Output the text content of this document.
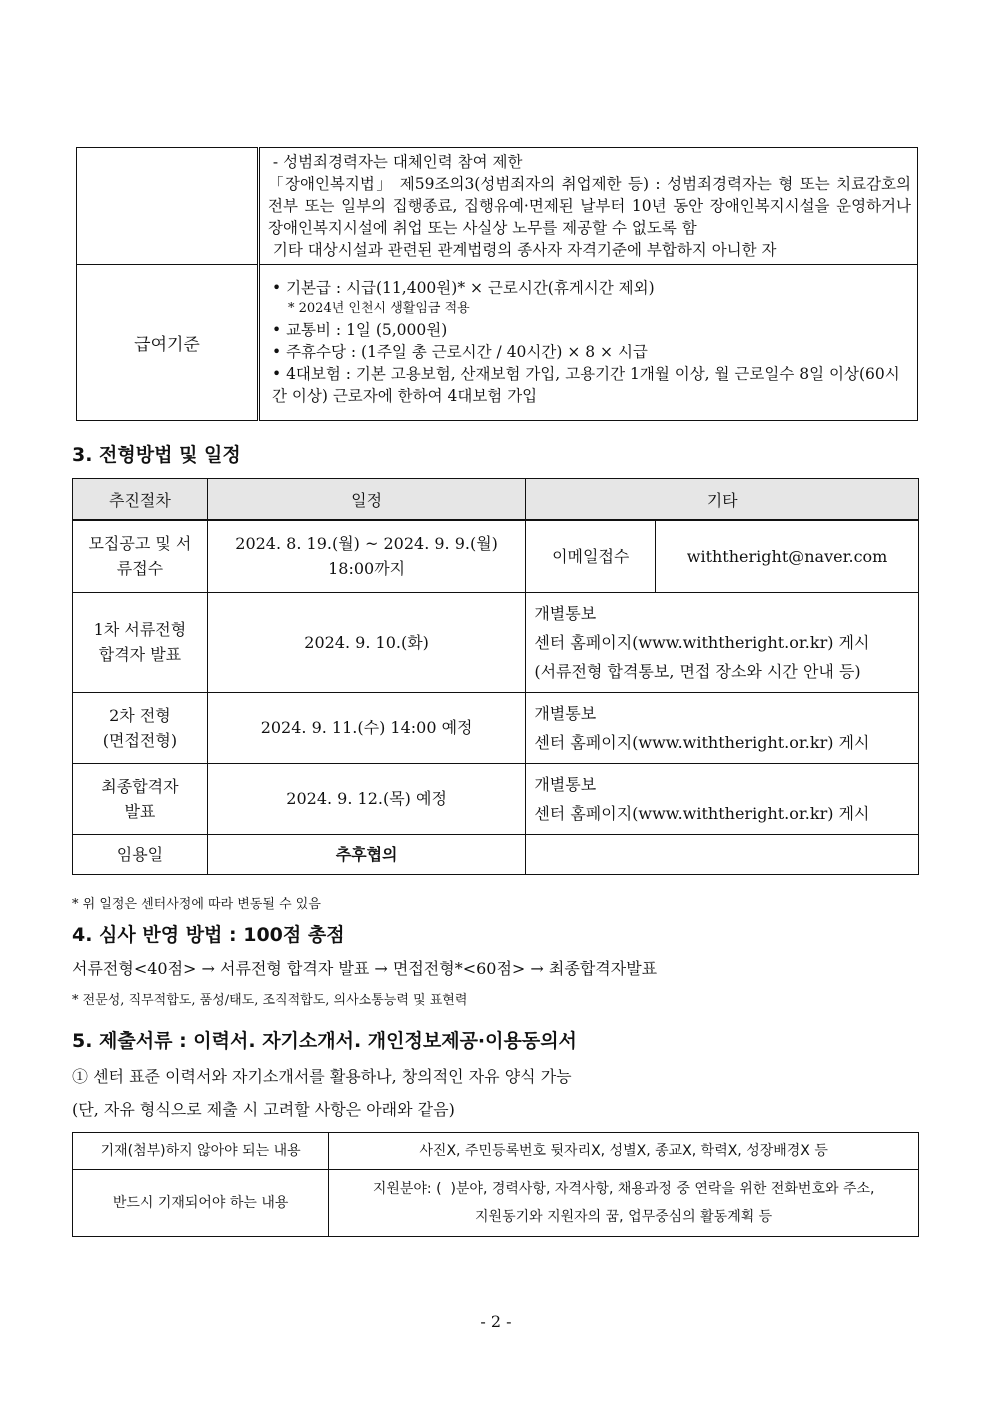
	- 성범죄경력자는 대체인력 참여 제한
「장애인복지법」 제59조의3(성범죄자의 취업제한 등) : 성범죄경력자는 형 또는 치료감호의 전부 또는 일부의 집행종료, 집행유예·면제된 날부터 10년 동안 장애인복지시설을 운영하거나 장애인복지시설에 취업 또는 사실상 노무를 제공할 수 없도록 함
기타 대상시설과 관련된 관계법령의 종사자 자격기준에 부합하지 아니한 자

급여기준	• 기본급 : 시급(11,400원)* × 근로시간(휴게시간 제외)
* 2024년 인천시 생활임금 적용
• 교통비 : 1일 (5,000원)
• 주휴수당 : (1주일 총 근로시간 / 40시간) × 8 × 시급
• 4대보험 : 기본 고용보험, 산재보험 가입, 고용기간 1개월 이상, 월 근로일수 8일 이상(60시간 이상) 근로자에 한하여 4대보험 가입
3. 전형방법 및 일정
추진절차	일정	기타	
모집공고 및 서류접수	2024. 8. 19.(월) ~ 2024. 9. 9.(월) 18:00까지	이메일접수	withtheright@naver.com
1차 서류전형 합격자 발표	2024. 9. 10.(화)	개별통보
센터 홈페이지(www.withtheright.or.kr) 게시
(서류전형 합격통보, 면접 장소와 시간 안내 등)	

2차 전형 (면접전형)	2024. 9. 11.(수) 14:00 예정	개별통보
센터 홈페이지(www.withtheright.or.kr) 게시	

최종합격자 발표	2024. 9. 12.(목) 예정	개별통보
센터 홈페이지(www.withtheright.or.kr) 게시	

임용일	추후협의		
* 위 일정은 센터사정에 따라 변동될 수 있음
4. 심사 반영 방법 : 100점 총점
서류전형<40점> → 서류전형 합격자 발표 → 면접전형*<60점> → 최종합격자발표
* 전문성, 직무적합도, 품성/태도, 조직적합도, 의사소통능력 및 표현력
5. 제출서류 : 이력서. 자기소개서. 개인정보제공·이용동의서
① 센터 표준 이력서와 자기소개서를 활용하나, 창의적인 자유 양식 가능
(단, 자유 형식으로 제출 시 고려할 사항은 아래와 같음)
기재(첨부)하지 않아야 되는 내용	사진X, 주민등록번호 뒷자리X, 성별X, 종교X, 학력X, 성장배경X 등
반드시 기재되어야 하는 내용	지원분야: (  )분야, 경력사항, 자격사항, 채용과정 중 연락을 위한 전화번호와 주소,
지원동기와 지원자의 꿈, 업무중심의 활동계획 등
- 2 -
